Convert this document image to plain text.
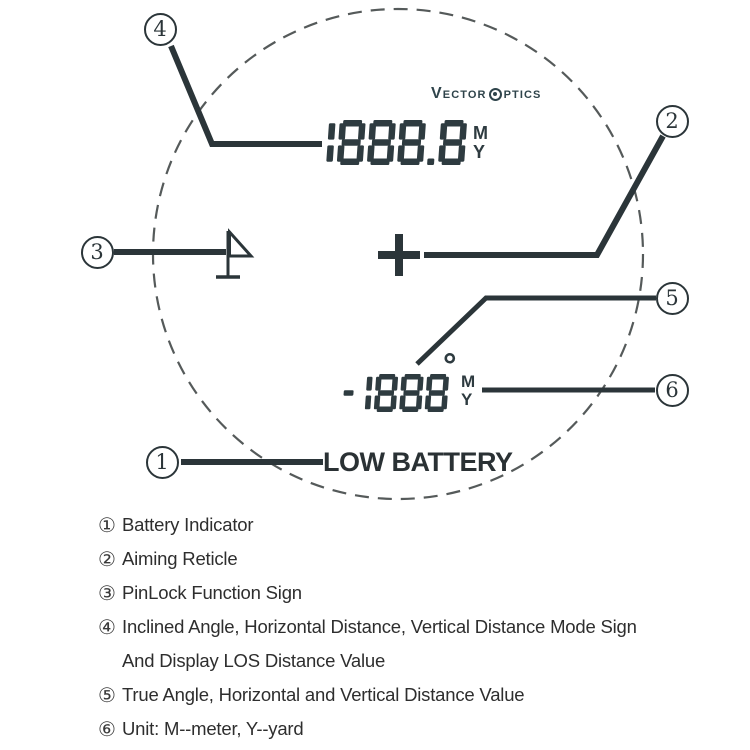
Vector ptics
M
Y
° M
Y
LOW BATTERY
4
2
3
5
6
1
① Battery Indicator
② Aiming Reticle
③ PinLock Function Sign
④ Inclined Angle, Horizontal Distance, Vertical Distance Mode Sign
And Display LOS Distance Value
⑤ True Angle, Horizontal and Vertical Distance Value
⑥ Unit: M--meter, Y--yard
